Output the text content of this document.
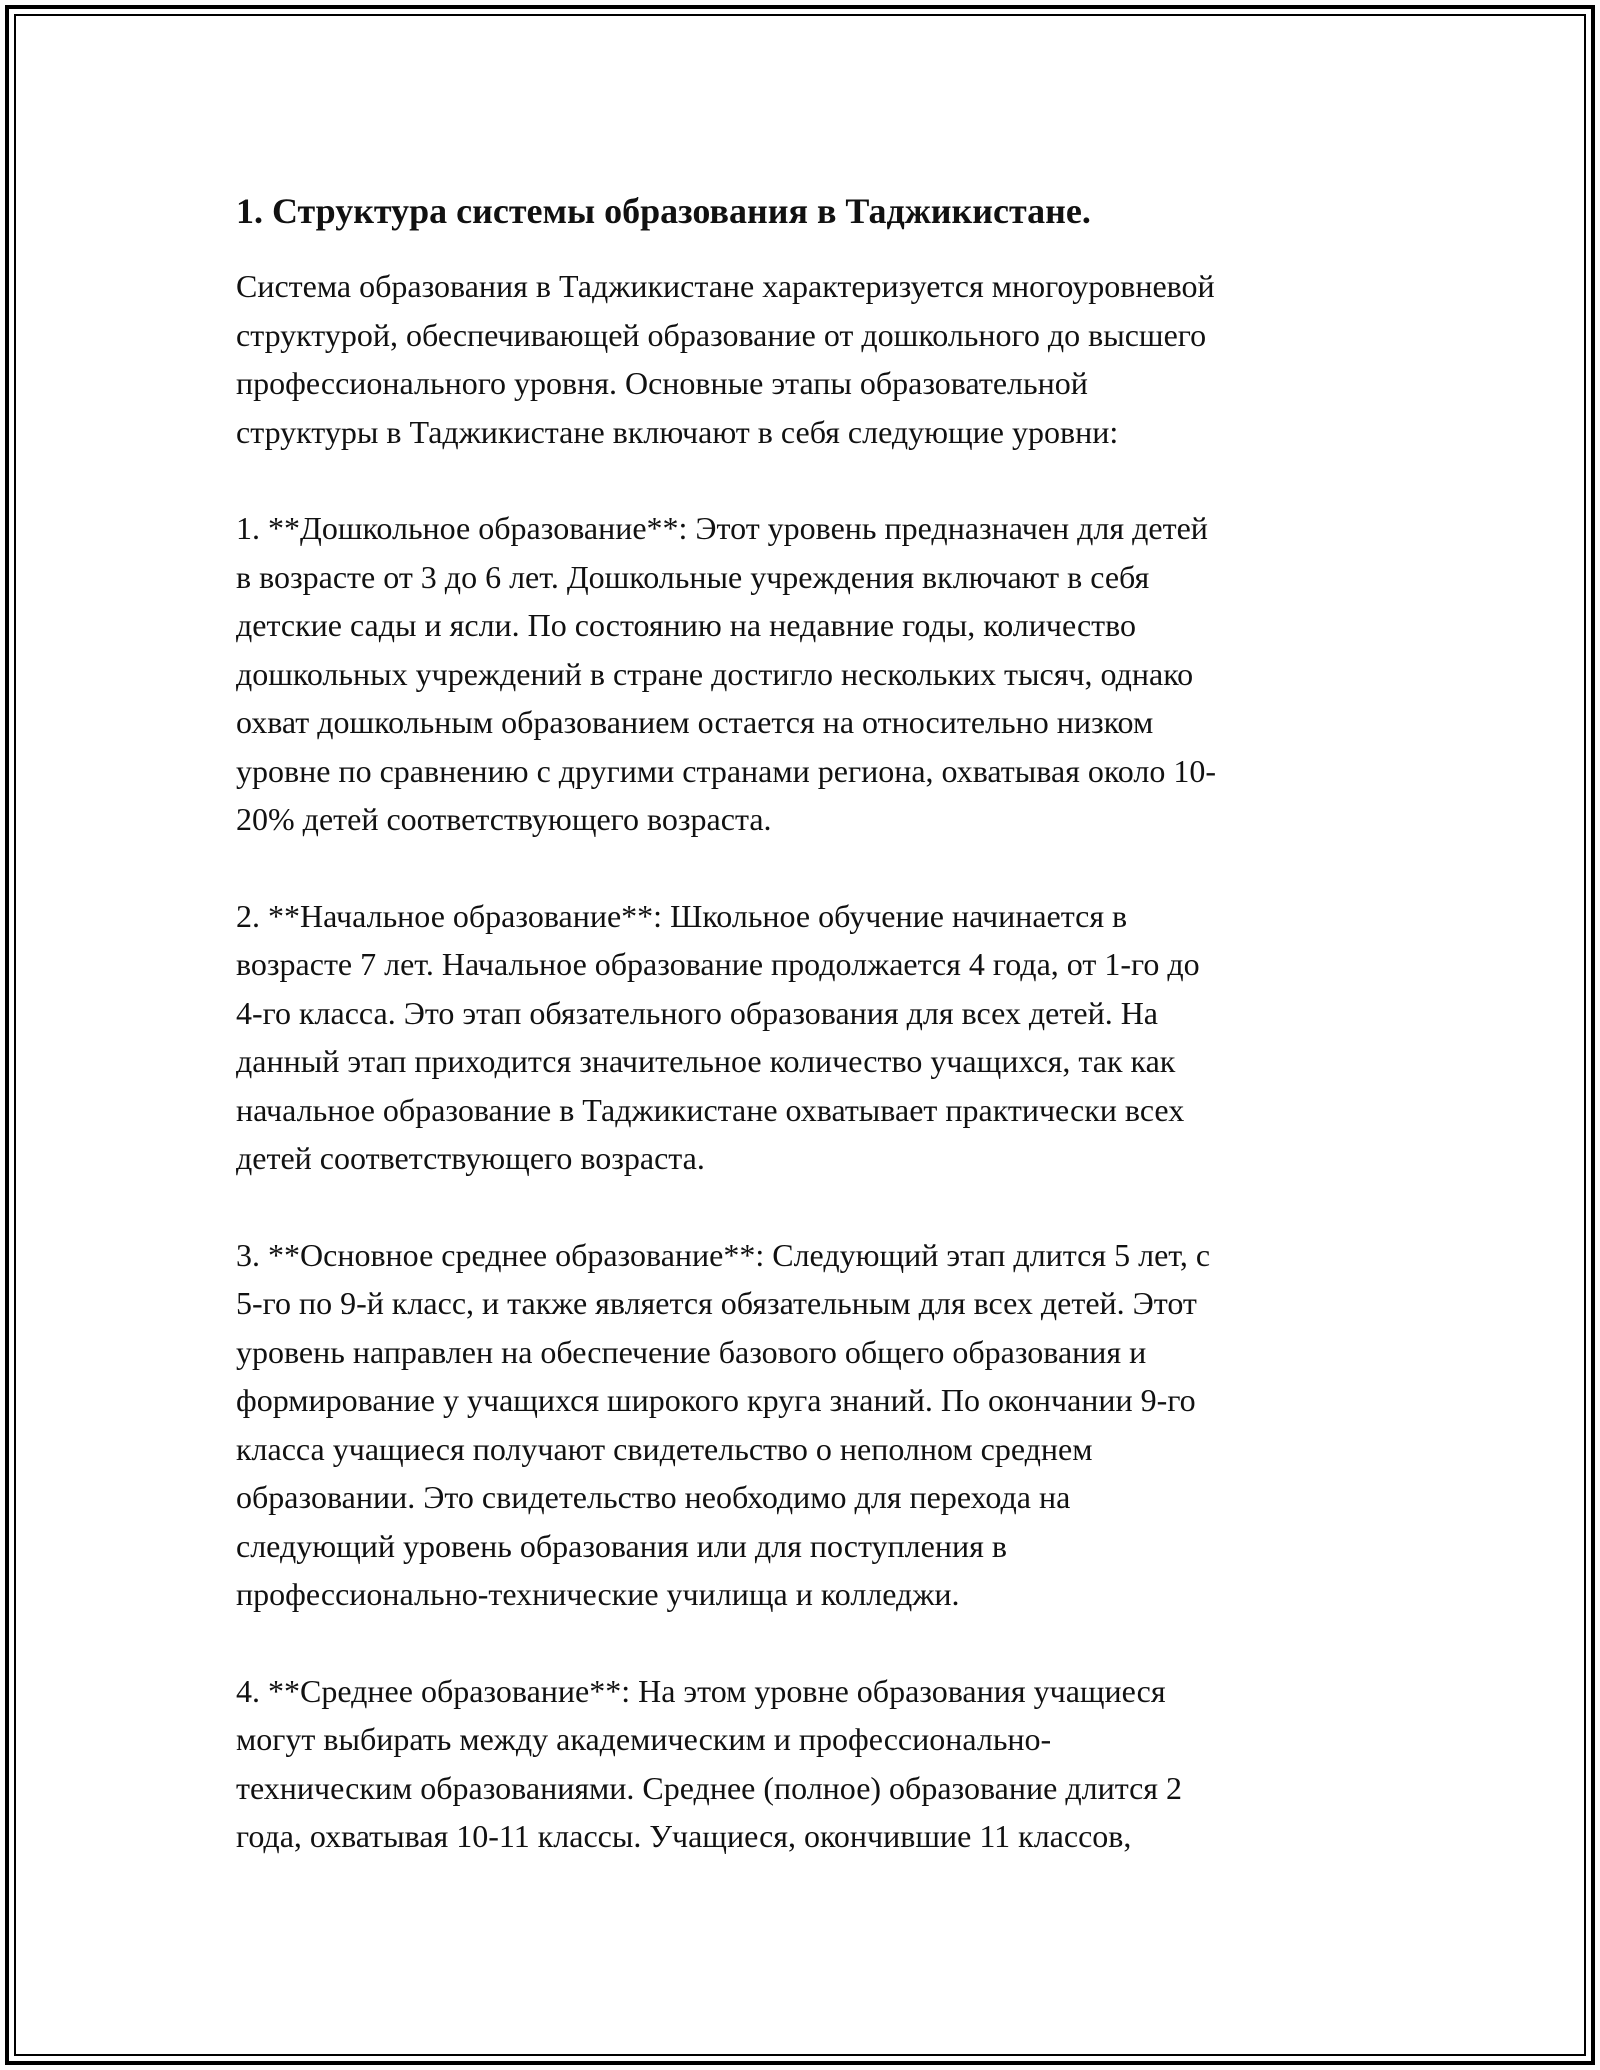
1. Структура системы образования в Таджикистане.

Система образования в Таджикистане характеризуется многоуровневой
структурой, обеспечивающей образование от дошкольного до высшего
профессионального уровня. Основные этапы образовательной
структуры в Таджикистане включают в себя следующие уровни:

1. **Дошкольное образование**: Этот уровень предназначен для детей
в возрасте от 3 до 6 лет. Дошкольные учреждения включают в себя
детские сады и ясли. По состоянию на недавние годы, количество
дошкольных учреждений в стране достигло нескольких тысяч, однако
охват дошкольным образованием остается на относительно низком
уровне по сравнению с другими странами региона, охватывая около 10-
20% детей соответствующего возраста.

2. **Начальное образование**: Школьное обучение начинается в
возрасте 7 лет. Начальное образование продолжается 4 года, от 1-го до
4-го класса. Это этап обязательного образования для всех детей. На
данный этап приходится значительное количество учащихся, так как
начальное образование в Таджикистане охватывает практически всех
детей соответствующего возраста.

3. **Основное среднее образование**: Следующий этап длится 5 лет, с
5-го по 9-й класс, и также является обязательным для всех детей. Этот
уровень направлен на обеспечение базового общего образования и
формирование у учащихся широкого круга знаний. По окончании 9-го
класса учащиеся получают свидетельство о неполном среднем
образовании. Это свидетельство необходимо для перехода на
следующий уровень образования или для поступления в
профессионально-технические училища и колледжи.

4. **Среднее образование**: На этом уровне образования учащиеся
могут выбирать между академическим и профессионально-
техническим образованиями. Среднее (полное) образование длится 2
года, охватывая 10-11 классы. Учащиеся, окончившие 11 классов,
